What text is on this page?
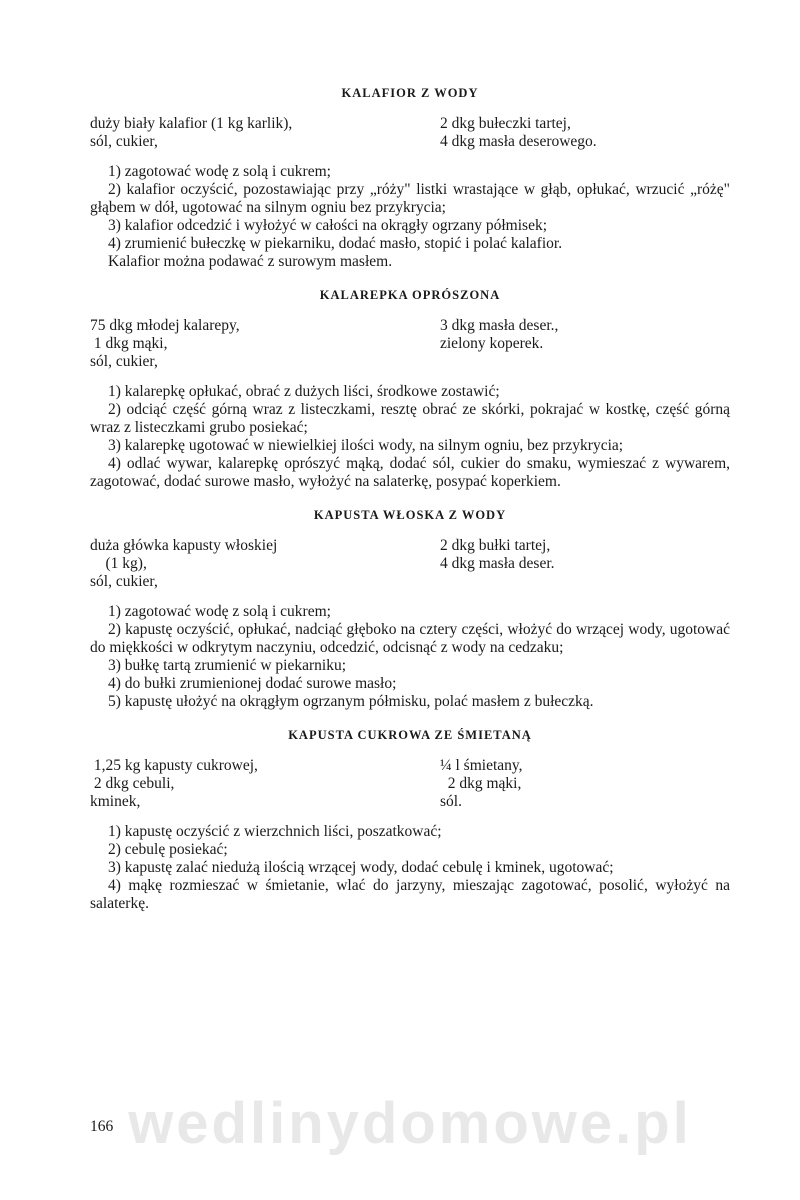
KALAFIOR Z WODY
duży biały kalafior (1 kg karlik),
sól, cukier,
2 dkg bułeczki tartej,
4 dkg masła deserowego.

1) zagotować wodę z solą i cukrem;

2) kalafior oczyścić, pozostawiając przy „róży" listki wrastające w głąb, opłukać, wrzucić „różę" głąbem w dół, ugotować na silnym ogniu bez przykrycia;

3) kalafior odcedzić i wyłożyć w całości na okrągły ogrzany półmisek;

4) zrumienić bułeczkę w piekarniku, dodać masło, stopić i polać kalafior.

Kalafior można podawać z surowym masłem.

KALAREPKA OPRÓSZONA
75 dkg młodej kalarepy,
1 dkg mąki,
sól, cukier,
3 dkg masła deser.,
zielony koperek.

1) kalarepkę opłukać, obrać z dużych liści, środkowe zostawić;

2) odciąć część górną wraz z listeczkami, resztę obrać ze skórki, pokrajać w kostkę, część górną wraz z listeczkami grubo posiekać;

3) kalarepkę ugotować w niewielkiej ilości wody, na silnym ogniu, bez przykrycia;

4) odlać wywar, kalarepkę oprószyć mąką, dodać sól, cukier do smaku, wymieszać z wywarem, zagotować, dodać surowe masło, wyłożyć na salaterkę, posypać koperkiem.

KAPUSTA WŁOSKA Z WODY
duża główka kapusty włoskiej
(1 kg),
sól, cukier,
2 dkg bułki tartej,
4 dkg masła deser.

1) zagotować wodę z solą i cukrem;

2) kapustę oczyścić, opłukać, nadciąć głęboko na cztery części, włożyć do wrzącej wody, ugotować do miękkości w odkrytym naczyniu, odcedzić, odcisnąć z wody na cedzaku;

3) bułkę tartą zrumienić w piekarniku;

4) do bułki zrumienionej dodać surowe masło;

5) kapustę ułożyć na okrągłym ogrzanym półmisku, polać masłem z bułeczką.

KAPUSTA CUKROWA ZE ŚMIETANĄ
1,25 kg kapusty cukrowej,
2 dkg cebuli,
kminek,
¼ l śmietany,
2 dkg mąki,
sól.

1) kapustę oczyścić z wierzchnich liści, poszatkować;

2) cebulę posiekać;

3) kapustę zalać niedużą ilością wrzącej wody, dodać cebulę i kminek, ugotować;

4) mąkę rozmieszać w śmietanie, wlać do jarzyny, mieszając zagotować, posolić, wyłożyć na salaterkę.

wedlinydomowe.pl
166
